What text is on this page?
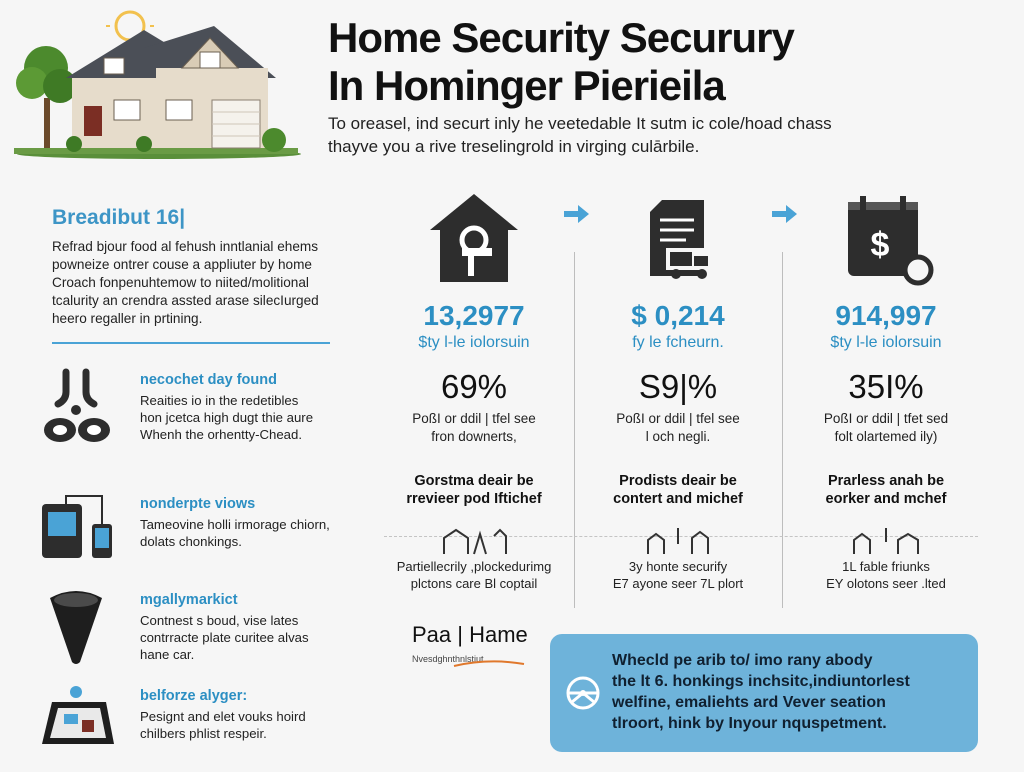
Home Security Securury
In Hominger Pierieila
To oreasel, ind securt inly he veetedable It sutm ic cole/hoad chass
thayve you a rive treselingrold in virging culārbile.
Breadibut 16|
Refrad bjour food al fehush inntlanial ehems
powneize ontrer couse a appliuter by home
Croach fonpenuhtemow to niited/molitional
tcalurity an crendra assted arase silecIurged
heero regaller in prtining.
necochet day found
Reaities io in the redetibles
hon jcetca high dugt thie aure
Whenh the orhentty-Chead.
nonderpte viows
Tameovine holli irmorage chiorn,
dolats chonkings.
mgallymarkict
Contnest s boud, vise lates
contrracte plate curitee alvas
hane car.
belforze alyger:
Pesignt and elet vouks hoird
chilbers phlist respeir.
13,2977
$ty l-le iolorsuin
69%
PoßI or ddil | tfel see
fron downerts,
Gorstma deair be
rrevieer pod Iftichef
Partiellecrily ,plockedurimg
plctons care Bl coptail
$ 0,214
fy le fcheurn.
S9|%
PoßI or ddil | tfel see
l och negli.
Prodists deair be
contert and michef
3y honte securify
E7 ayone seer 7L plort
$
914,997
$ty l-le iolorsuin
35I%
PoßI or ddil | tfet sed
folt olartemed ily)
Prarless anah be
eorker and mchef
1L fable friunks
EY olotons seer .lted
Paa | Hame
Nvesdghnthnlstiut.	Whecld pe arib to/ imo rany abody
the lt 6. honkings inchsitc,indiuntorlest
welfine, emaliehts ard Vever seation
tlroort, hink by Inyour nquspetment.
